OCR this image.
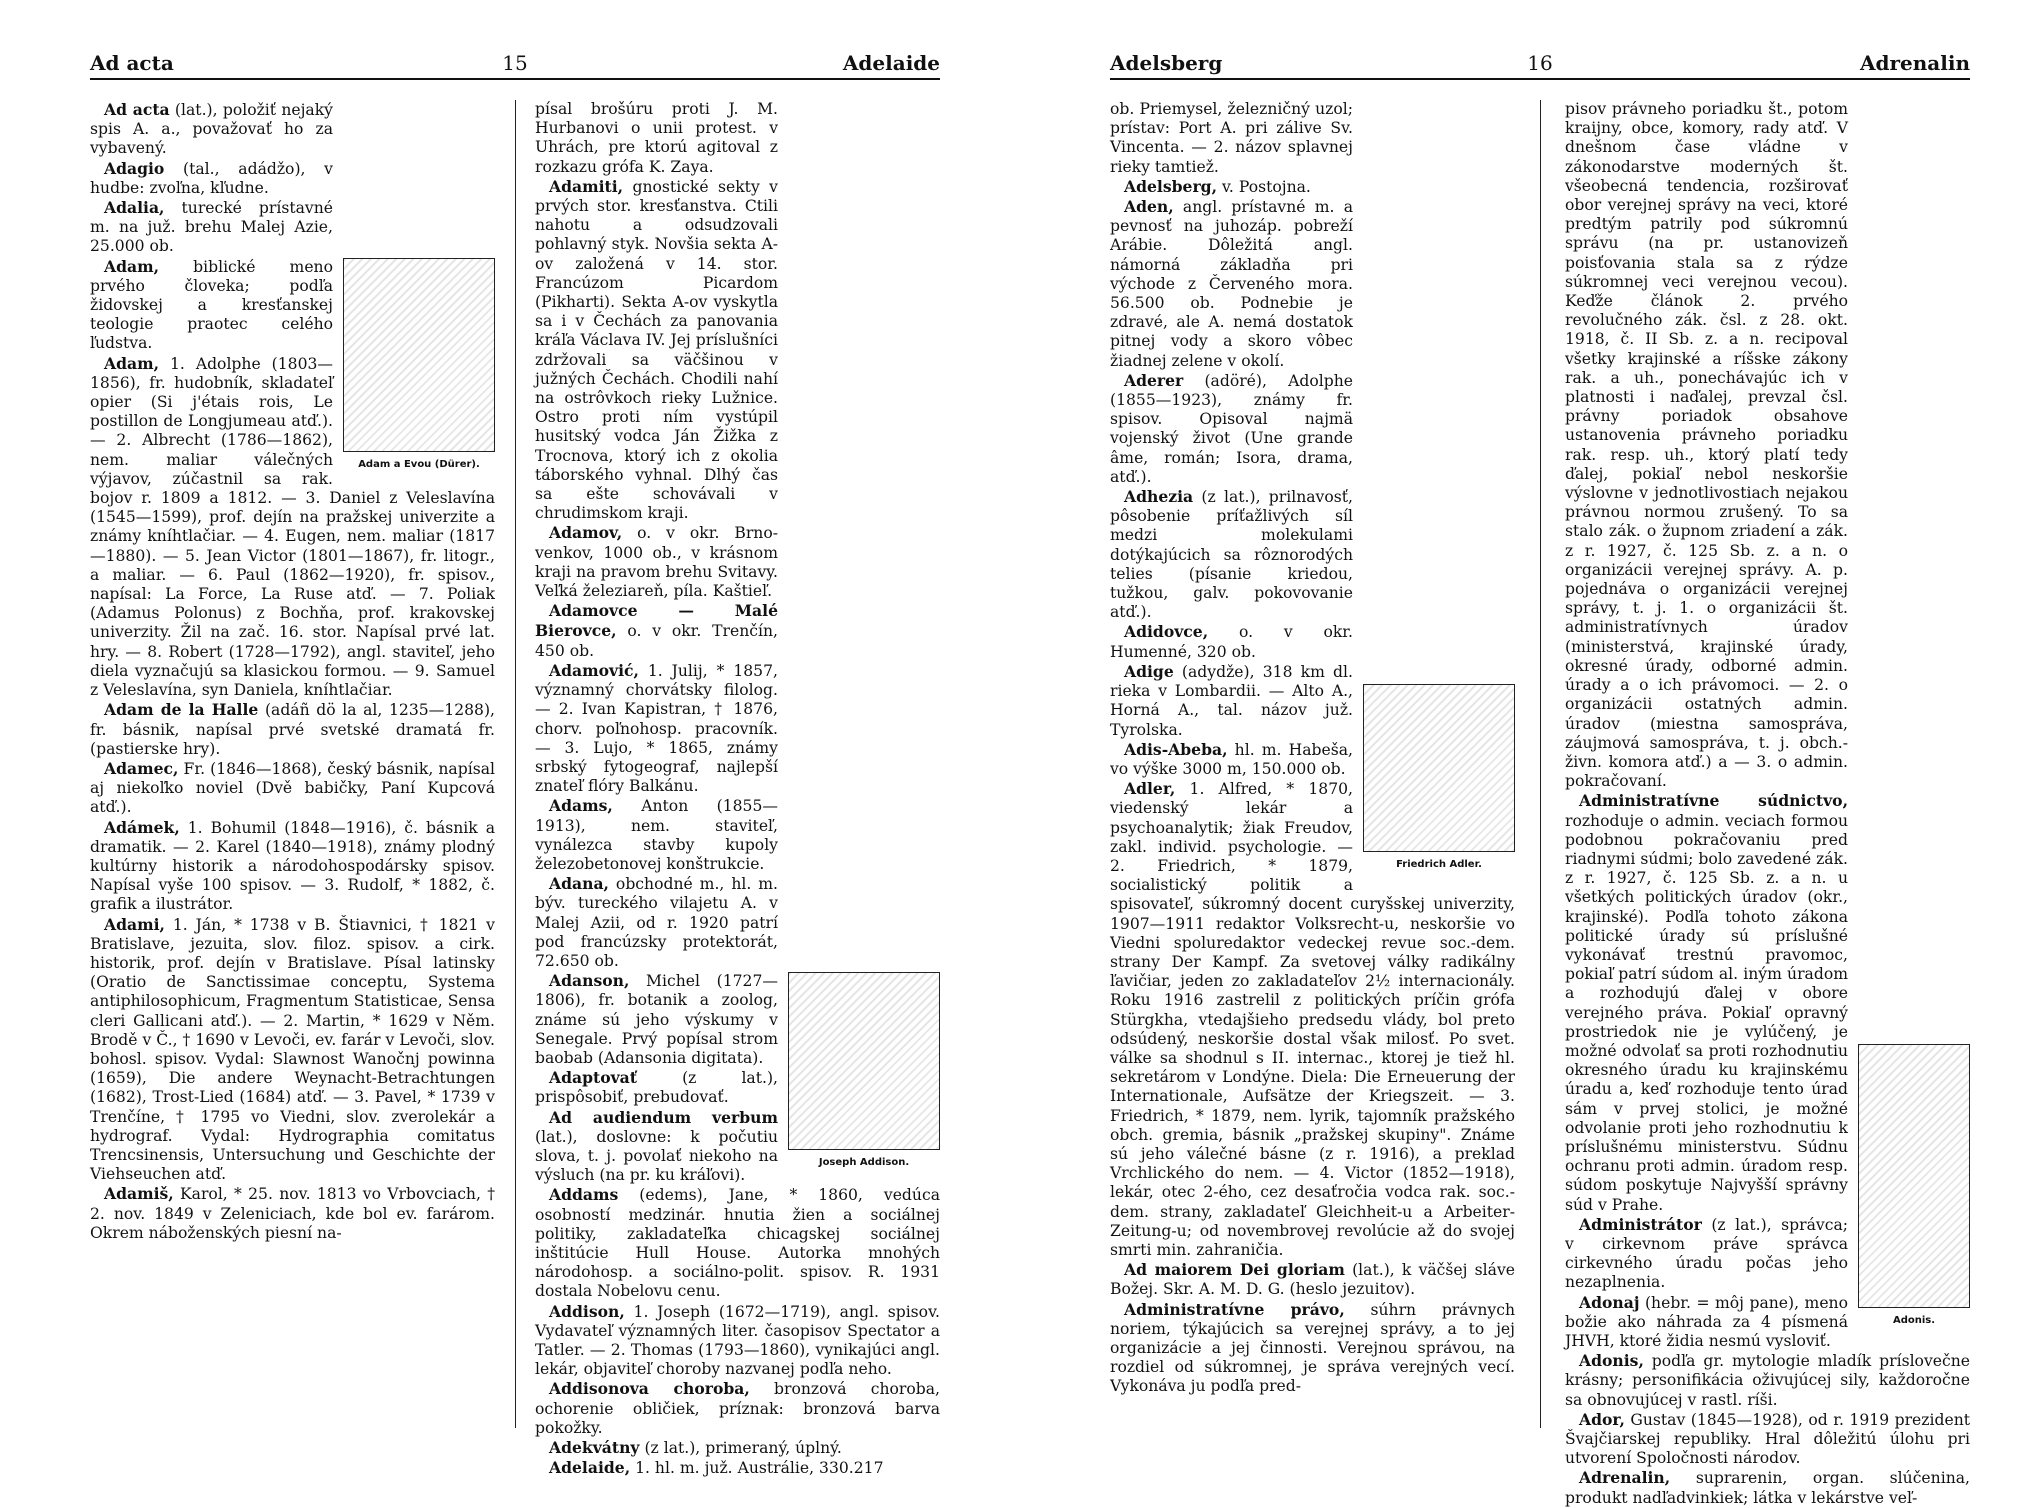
Ad acta	15	Adelaide
Adam a Evou (Dürer).

Ad acta (lat.), položiť nejaký spis A. a., považovať ho za vybavený.

Adagio (tal., adádžo), v hudbe: zvoľna, kľudne.

Adalia, turecké prístavné m. na juž. brehu Malej Azie, 25.000 ob.

Adam, biblické meno prvého človeka; podľa židovskej a kresťanskej teologie praotec celého ľudstva.

Adam, 1. Adolphe (1803—1856), fr. hudobník, skladateľ opier (Si j'étais rois, Le postillon de Longjumeau atď.). — 2. Albrecht (1786—1862), nem. maliar válečných výjavov, zúčastnil sa rak. bojov r. 1809 a 1812. — 3. Daniel z Veleslavína (1545—1599), prof. dejín na pražskej univerzite a známy kníhtlačiar. — 4. Eugen, nem. maliar (1817—1880). — 5. Jean Victor (1801—1867), fr. litogr., a maliar. — 6. Paul (1862—1920), fr. spisov., napísal: La Force, La Ruse atď. — 7. Poliak (Adamus Polonus) z Bochňa, prof. krakovskej univerzity. Žil na zač. 16. stor. Napísal prvé lat. hry. — 8. Robert (1728—1792), angl. staviteľ, jeho diela vyznačujú sa klasickou formou. — 9. Samuel z Veleslavína, syn Daniela, kníhtlačiar.

Adam de la Halle (adáñ dö la al, 1235—1288), fr. básnik, napísal prvé svetské dramatá fr. (pastierske hry).

Adamec, Fr. (1846—1868), český básnik, napísal aj niekoľko noviel (Dvě babičky, Paní Kupcová atď.).

Adámek, 1. Bohumil (1848—1916), č. básnik a dramatik. — 2. Karel (1840—1918), známy plodný kultúrny historik a národohospodársky spisov. Napísal vyše 100 spisov. — 3. Rudolf, * 1882, č. grafik a ilustrátor.

Adami, 1. Ján, * 1738 v B. Štiavnici, † 1821 v Bratislave, jezuita, slov. filoz. spisov. a cirk. historik, prof. dejín v Bratislave. Písal latinsky (Oratio de Sanctissimae conceptu, Systema antiphilosophicum, Fragmentum Statisticae, Sensa cleri Gallicani atď.). — 2. Martin, * 1629 v Něm. Brodě v Č., † 1690 v Levoči, ev. farár v Levoči, slov. bohosl. spisov. Vydal: Slawnost Wanočnj powinna (1659), Die andere Weynacht-Betrachtungen (1682), Trost-Lied (1684) atď. — 3. Pavel, * 1739 v Trenčíne, † 1795 vo Viedni, slov. zverolekár a hydrograf. Vydal: Hydrographia comitatus Trencsinensis, Untersuchung und Geschichte der Viehseuchen atď.

Adamiš, Karol, * 25. nov. 1813 vo Vrbovciach, † 2. nov. 1849 v Zeleniciach, kde bol ev. farárom. Okrem náboženských piesní na-

Joseph Addison.

písal brošúru proti J. M. Hurbanovi o unii protest. v Uhrách, pre ktorú agitoval z rozkazu grófa K. Zaya.

Adamiti, gnostické sekty v prvých stor. kresťanstva. Ctili nahotu a odsudzovali pohlavný styk. Novšia sekta A-ov založená v 14. stor. Francúzom Picardom (Pikharti). Sekta A-ov vyskytla sa i v Čechách za panovania kráľa Václava IV. Jej príslušníci zdržovali sa väčšinou v južných Čechách. Chodili nahí na ostrôvkoch rieky Lužnice. Ostro proti ním vystúpil husitský vodca Ján Žižka z Trocnova, ktorý ich z okolia táborského vyhnal. Dlhý čas sa ešte schovávali v chrudimskom kraji.

Adamov, o. v okr. Brno-venkov, 1000 ob., v krásnom kraji na pravom brehu Svitavy. Veľká železiareň, píla. Kaštieľ.

Adamovce — Malé Bierovce, o. v okr. Trenčín, 450 ob.

Adamović, 1. Julij, * 1857, významný chorvátsky filolog. — 2. Ivan Kapistran, † 1876, chorv. poľnohosp. pracovník. — 3. Lujo, * 1865, známy srbský fytogeograf, najlepší znateľ flóry Balkánu.

Adams, Anton (1855—1913), nem. staviteľ, vynálezca stavby kupoly železobetonovej konštrukcie.

Adana, obchodné m., hl. m. býv. tureckého vilajetu A. v Malej Azii, od r. 1920 patrí pod francúzsky protektorát, 72.650 ob.

Adanson, Michel (1727—1806), fr. botanik a zoolog, známe sú jeho výskumy v Senegale. Prvý popísal strom baobab (Adansonia digitata).

Adaptovať (z lat.), prispôsobiť, prebudovať.

Ad audiendum verbum (lat.), doslovne: k počutiu slova, t. j. povolať niekoho na výsluch (na pr. ku kráľovi).

Addams (edems), Jane, * 1860, vedúca osobností medzinár. hnutia žien a sociálnej politiky, zakladateľka chicagskej sociálnej inštitúcie Hull House. Autorka mnohých národohosp. a sociálno-polit. spisov. R. 1931 dostala Nobelovu cenu.

Addison, 1. Joseph (1672—1719), angl. spisov. Vydavateľ významných liter. časopisov Spectator a Tatler. — 2. Thomas (1793—1860), vynikajúci angl. lekár, objaviteľ choroby nazvanej podľa neho.

Addisonova choroba, bronzová choroba, ochorenie obličiek, príznak: bronzová barva pokožky.

Adekvátny (z lat.), primeraný, úplný.

Adelaide, 1. hl. m. juž. Austrálie, 330.217

Adelsberg	16	Adrenalin
Friedrich Adler.

ob. Priemysel, železničný uzol; prístav: Port A. pri zálive Sv. Vincenta. — 2. názov splavnej rieky tamtiež.

Adelsberg, v. Postojna.

Aden, angl. prístavné m. a pevnosť na juhozáp. pobreží Arábie. Dôležitá angl. námorná základňa pri východe z Červeného mora. 56.500 ob. Podnebie je zdravé, ale A. nemá dostatok pitnej vody a skoro vôbec žiadnej zelene v okolí.

Aderer (adöré), Adolphe (1855—1923), známy fr. spisov. Opisoval najmä vojenský život (Une grande âme, román; Isora, drama, atď.).

Adhezia (z lat.), prilnavosť, pôsobenie príťažlivých síl medzi molekulami dotýkajúcich sa rôznorodých telies (písanie kriedou, tužkou, galv. pokovovanie atď.).

Adidovce, o. v okr. Humenné, 320 ob.

Adige (adydže), 318 km dl. rieka v Lombardii. — Alto A., Horná A., tal. názov juž. Tyrolska.

Adis-Abeba, hl. m. Habeša, vo výške 3000 m, 150.000 ob.

Adler, 1. Alfred, * 1870, viedenský lekár a psychoanalytik; žiak Freudov, zakl. individ. psychologie. — 2. Friedrich, * 1879, socialistický politik a spisovateľ, súkromný docent curyšskej univerzity, 1907—1911 redaktor Volksrecht-u, neskoršie vo Viedni spoluredaktor vedeckej revue soc.-dem. strany Der Kampf. Za svetovej války radikálny ľavičiar, jeden zo zakladateľov 2½ internacionály. Roku 1916 zastrelil z politických príčin grófa Stürgkha, vtedajšieho predsedu vlády, bol preto odsúdený, neskoršie dostal však milosť. Po svet. válke sa shodnul s II. internac., ktorej je tiež hl. sekretárom v Londýne. Diela: Die Erneuerung der Internationale, Aufsätze der Kriegszeit. — 3. Friedrich, * 1879, nem. lyrik, tajomník pražského obch. gremia, básnik „pražskej skupiny". Známe sú jeho válečné básne (z r. 1916), a preklad Vrchlického do nem. — 4. Victor (1852—1918), lekár, otec 2-ého, cez desaťročia vodca rak. soc.-dem. strany, zakladateľ Gleichheit-u a Arbeiter-Zeitung-u; od novembrovej revolúcie až do svojej smrti min. zahraničia.

Ad maiorem Dei gloriam (lat.), k väčšej sláve Božej. Skr. A. M. D. G. (heslo jezuitov).

Administratívne právo, súhrn právnych noriem, týkajúcich sa verejnej správy, a to jej organizácie a jej činnosti. Verejnou správou, na rozdiel od súkromnej, je správa verejných vecí. Vykonáva ju podľa pred-

Adonis.

pisov právneho poriadku št., potom kraijny, obce, komory, rady atď. V dnešnom čase vládne v zákonodarstve moderných št. všeobecná tendencia, rozširovať obor verejnej správy na veci, ktoré predtým patrily pod súkromnú správu (na pr. ustanovizeň poisťovania stala sa z rýdze súkromnej veci verejnou vecou). Keďže článok 2. prvého revolučného zák. čsl. z 28. okt. 1918, č. II Sb. z. a n. recipoval všetky krajinské a ríšske zákony rak. a uh., ponechávajúc ich v platnosti i naďalej, prevzal čsl. právny poriadok obsahove ustanovenia právneho poriadku rak. resp. uh., ktorý platí tedy ďalej, pokiaľ nebol neskoršie výslovne v jednotlivostiach nejakou právnou normou zrušený. To sa stalo zák. o župnom zriadení a zák. z r. 1927, č. 125 Sb. z. a n. o organizácii verejnej správy. A. p. pojednáva o organizácii verejnej správy, t. j. 1. o organizácii št. administratívnych úradov (ministerstvá, krajinské úrady, okresné úrady, odborné admin. úrady a o ich právomoci. — 2. o organizácii ostatných admin. úradov (miestna samospráva, záujmová samospráva, t. j. obch.-živn. komora atď.) a — 3. o admin. pokračovaní.

Administratívne súdnictvo, rozhoduje o admin. veciach formou podobnou pokračovaniu pred riadnymi súdmi; bolo zavedené zák. z r. 1927, č. 125 Sb. z. a n. u všetkých politických úradov (okr., krajinské). Podľa tohoto zákona politické úrady sú príslušné vykonávať trestnú pravomoc, pokiaľ patrí súdom al. iným úradom a rozhodujú ďalej v obore verejného práva. Pokiaľ opravný prostriedok nie je vylúčený, je možné odvolať sa proti rozhodnutiu okresného úradu ku krajinskému úradu a, keď rozhoduje tento úrad sám v prvej stolici, je možné odvolanie proti jeho rozhodnutiu k príslušnému ministerstvu. Súdnu ochranu proti admin. úradom resp. súdom poskytuje Najvyšší správny súd v Prahe.

Administrátor (z lat.), správca; v cirkevnom práve správca cirkevného úradu počas jeho nezaplnenia.

Adonaj (hebr. = môj pane), meno božie ako náhrada za 4 písmená JHVH, ktoré židia nesmú vysloviť.

Adonis, podľa gr. mytologie mladík príslovečne krásny; personifikácia oživujúcej sily, každoročne sa obnovujúcej v rastl. ríši.

Ador, Gustav (1845—1928), od r. 1919 prezident Švajčiarskej republiky. Hral dôležitú úlohu pri utvorení Spoločnosti národov.

Adrenalin, suprarenin, organ. slúčenina, produkt nadľadvinkiek; látka v lekárstve veľ-
